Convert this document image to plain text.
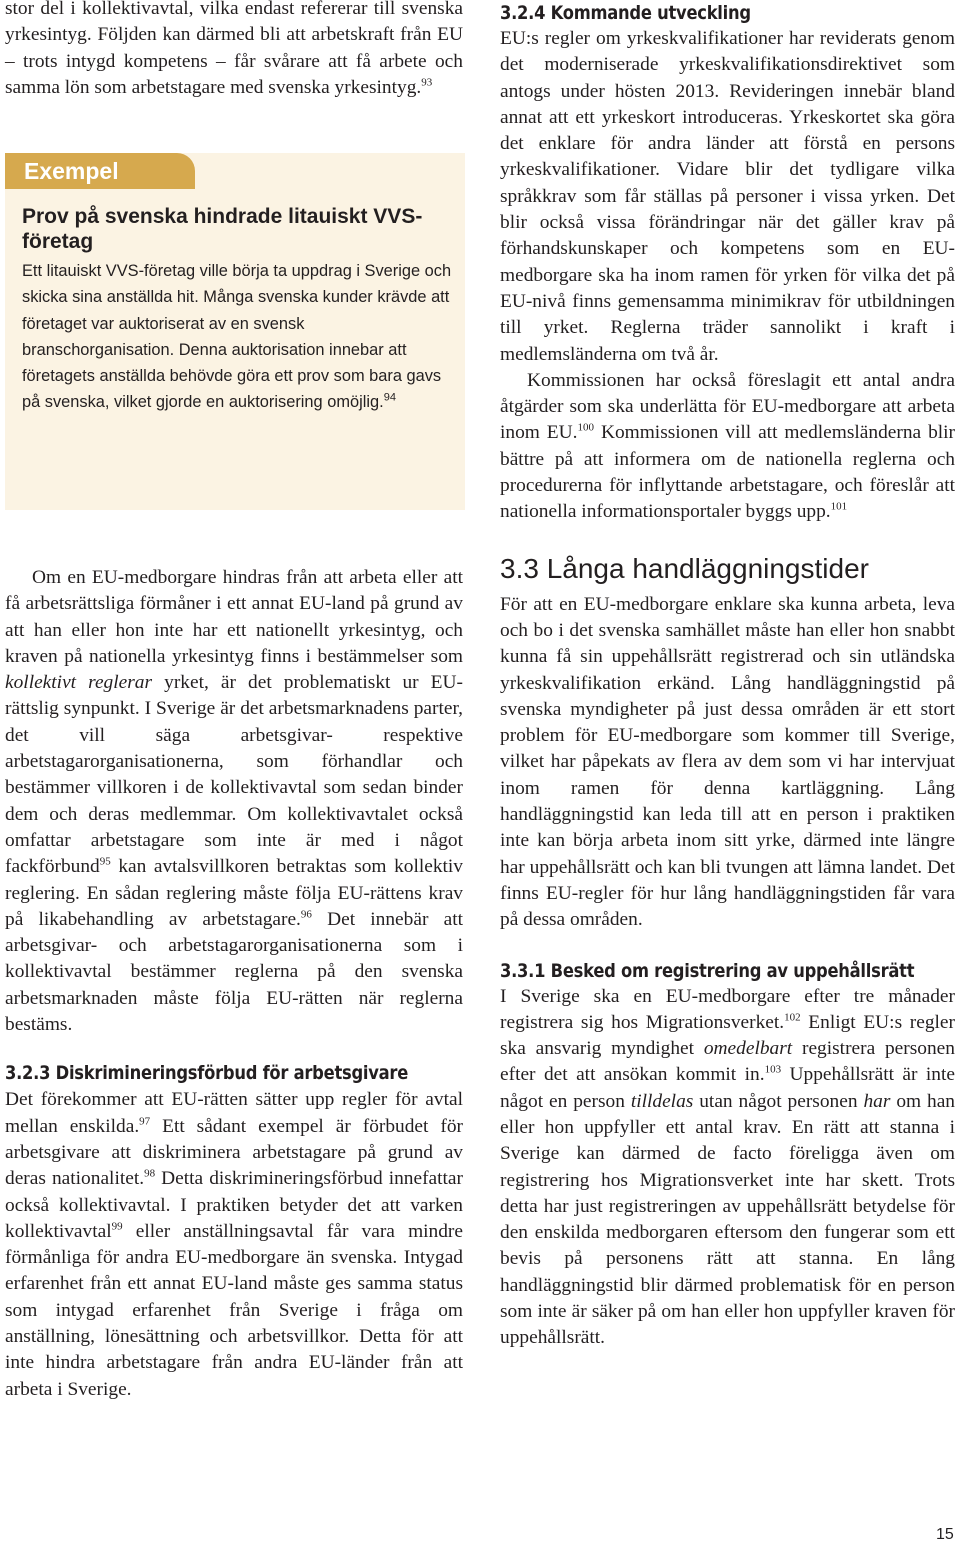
stor del i kollektivavtal, vilka endast refererar till svenska yrkesintyg. Följden kan därmed bli att arbetskraft från EU – trots intygd kompetens – får svårare att få arbete och samma lön som arbetstagare med svenska yrkesintyg.$^{93}$

Exempel
Prov på svenska hindrade litauiskt VVS-företag
Ett litauiskt VVS-företag ville börja ta uppdrag i Sverige och skicka sina anställda hit. Många svenska kunder krävde att företaget var auktoriserat av en svensk branschorganisation. Denna auktorisation innebar att företagets anställda behövde göra ett prov som bara gavs på svenska, vilket gjorde en auktorisering omöjlig.$^{94}$

Om en EU-medborgare hindras från att arbeta eller att få arbetsrättsliga förmåner i ett annat EU-land på grund av att han eller hon inte har ett nationellt yrkesintyg, och kraven på nationella yrkesintyg finns i bestämmelser som kollektivt reglerar yrket, är det problematiskt ur EU-rättslig synpunkt. I Sverige är det arbetsmarknadens parter, det vill säga arbetsgivar- respektive arbetstagarorganisationerna, som förhandlar och bestämmer villkoren i de kollektivavtal som sedan binder dem och deras medlemmar. Om kollektivavtalet också omfattar arbetstagare som inte är med i något fackförbund$^{95}$ kan avtalsvillkoren betraktas som kollektiv reglering. En sådan reglering måste följa EU-rättens krav på likabehandling av arbetstagare.$^{96}$ Det innebär att arbetsgivar- och arbetstagarorganisationerna som i kollektivavtal bestämmer reglerna på den svenska arbetsmarknaden måste följa EU-rätten när reglerna bestäms.

3.2.3 Diskrimineringsförbud för arbetsgivare

Det förekommer att EU-rätten sätter upp regler för avtal mellan enskilda.$^{97}$ Ett sådant exempel är förbudet för arbetsgivare att diskriminera arbetstagare på grund av deras nationalitet.$^{98}$ Detta diskrimineringsförbud innefattar också kollektivavtal. I praktiken betyder det att varken kollektivavtal$^{99}$ eller anställningsavtal får vara mindre förmånliga för andra EU-medborgare än svenska. Intygad erfarenhet från ett annat EU-land måste ges samma status som intygad erfarenhet från Sverige i fråga om anställning, lönesättning och arbetsvillkor. Detta för att inte hindra arbetstagare från andra EU-länder från att arbeta i Sverige.

3.2.4 Kommande utveckling

EU:s regler om yrkeskvalifikationer har reviderats genom det moderniserade yrkeskvalifikationsdirektivet som antogs under hösten 2013. Revideringen innebär bland annat att ett yrkeskort introduceras. Yrkeskortet ska göra det enklare för andra länder att förstå en persons yrkeskvalifikationer. Vidare blir det tydligare vilka språkkrav som får ställas på personer i vissa yrken. Det blir också vissa förändringar när det gäller krav på förhandskunskaper och kompetens som en EU-medborgare ska ha inom ramen för yrken för vilka det på EU-nivå finns gemensamma minimikrav för utbildningen till yrket. Reglerna träder sannolikt i kraft i medlemsländerna om två år.

Kommissionen har också föreslagit ett antal andra åtgärder som ska underlätta för EU-medborgare att arbeta inom EU.$^{100}$ Kommissionen vill att medlemsländerna blir bättre på att informera om de nationella reglerna och procedurerna för inflyttande arbetstagare, och föreslår att nationella informationsportaler byggs upp.$^{101}$

3.3 Långa handläggningstider

För att en EU-medborgare enklare ska kunna arbeta, leva och bo i det svenska samhället måste han eller hon snabbt kunna få sin uppehållsrätt registrerad och sin utländska yrkeskvalifikation erkänd. Lång handläggningstid på svenska myndigheter på just dessa områden är ett stort problem för EU-medborgare som kommer till Sverige, vilket har påpekats av flera av dem som vi har intervjuat inom ramen för denna kartläggning. Lång handläggningstid kan leda till att en person i praktiken inte kan börja arbeta inom sitt yrke, därmed inte längre har uppehållsrätt och kan bli tvungen att lämna landet. Det finns EU-regler för hur lång handläggningstiden får vara på dessa områden.

3.3.1 Besked om registrering av uppehållsrätt

I Sverige ska en EU-medborgare efter tre månader registrera sig hos Migrationsverket.$^{102}$ Enligt EU:s regler ska ansvarig myndighet omedelbart registrera personen efter det att ansökan kommit in.$^{103}$ Uppehållsrätt är inte något en person tilldelas utan något personen har om han eller hon uppfyller ett antal krav. En rätt att stanna i Sverige kan därmed de facto föreligga även om registrering hos Migrationsverket inte har skett. Trots detta har just registreringen av uppehållsrätt betydelse för den enskilda medborgaren eftersom den fungerar som ett bevis på personens rätt att stanna. En lång handläggningstid blir därmed problematisk för en person som inte är säker på om han eller hon uppfyller kraven för uppehållsrätt.

15
